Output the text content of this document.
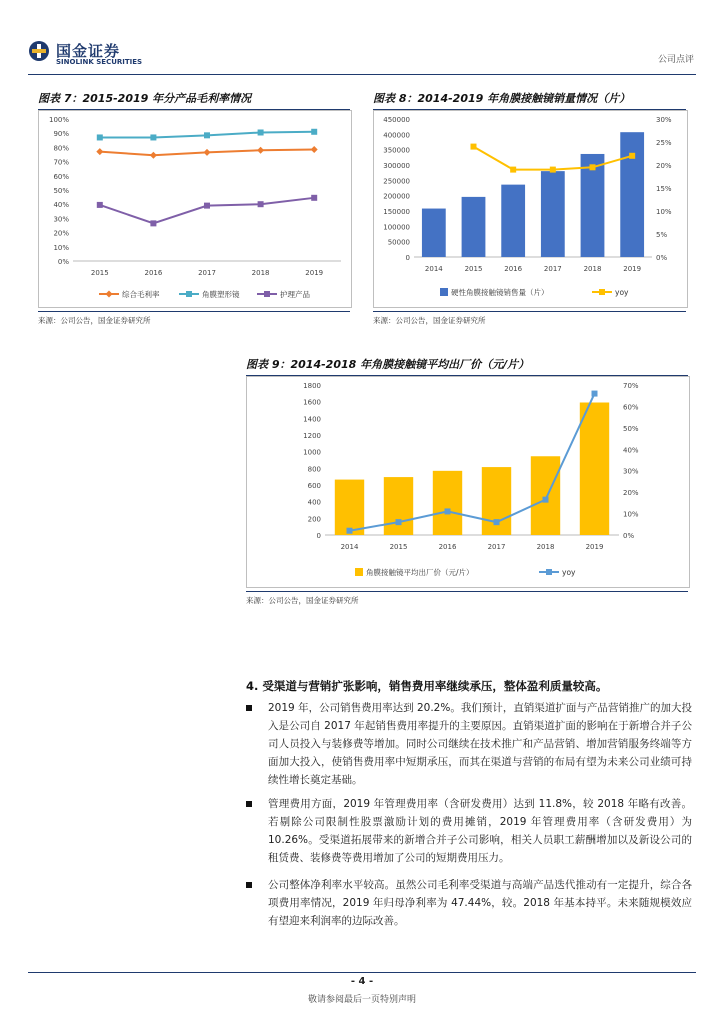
国金证券
SINOLINK SECURITIES	公司点评
图表 7：2015-2019 年分产品毛利率情况
0%
10%
20%
30%
40%
50%
60%
70%
80%
90%
100%
2015	2016	2017	2018	2019
综合毛利率	角膜塑形镜	护理产品
来源：公司公告，国金证券研究所
图表 8：2014-2019 年角膜接触镜销量情况（片）
0
50000
100000
150000
200000
250000
300000
350000
400000
450000
0%
5%
10%
15%
20%
25%
30%
2014	2015	2016	2017	2018	2019
硬性角膜接触镜销售量（片）	yoy
来源：公司公告，国金证券研究所
图表 9：2014-2018 年角膜接触镜平均出厂价（元/片）
0
200
400
600
800
1000
1200
1400
1600
1800
0%
10%
20%
30%
40%
50%
60%
70%
2014	2015	2016	2017	2018	2019
角膜接触镜平均出厂价（元/片）	yoy
来源：公司公告，国金证券研究所
4. 受渠道与营销扩张影响，销售费用率继续承压，整体盈利质量较高。
2019 年，公司销售费用率达到 20.2%。我们预计，直销渠道扩面与产品营销推广的加大投入是公司自 2017 年起销售费用率提升的主要原因。直销渠道扩面的影响在于新增合并子公司人员投入与装修费等增加。同时公司继续在技术推广和产品营销、增加营销服务终端等方面加大投入，使销售费用率中短期承压，而其在渠道与营销的布局有望为未来公司业绩可持续性增长奠定基础。
管理费用方面，2019 年管理费用率（含研发费用）达到 11.8%，较 2018 年略有改善。若剔除公司限制性股票激励计划的费用摊销，2019 年管理费用率（含研发费用）为 10.26%。受渠道拓展带来的新增合并子公司影响，相关人员职工薪酬增加以及新设公司的租赁费、装修费等费用增加了公司的短期费用压力。
公司整体净利率水平较高。虽然公司毛利率受渠道与高端产品迭代推动有一定提升，综合各项费用率情况，2019 年归母净利率为 47.44%，较。2018 年基本持平。未来随规模效应有望迎来利润率的边际改善。
- 4 -
敬请参阅最后一页特别声明
